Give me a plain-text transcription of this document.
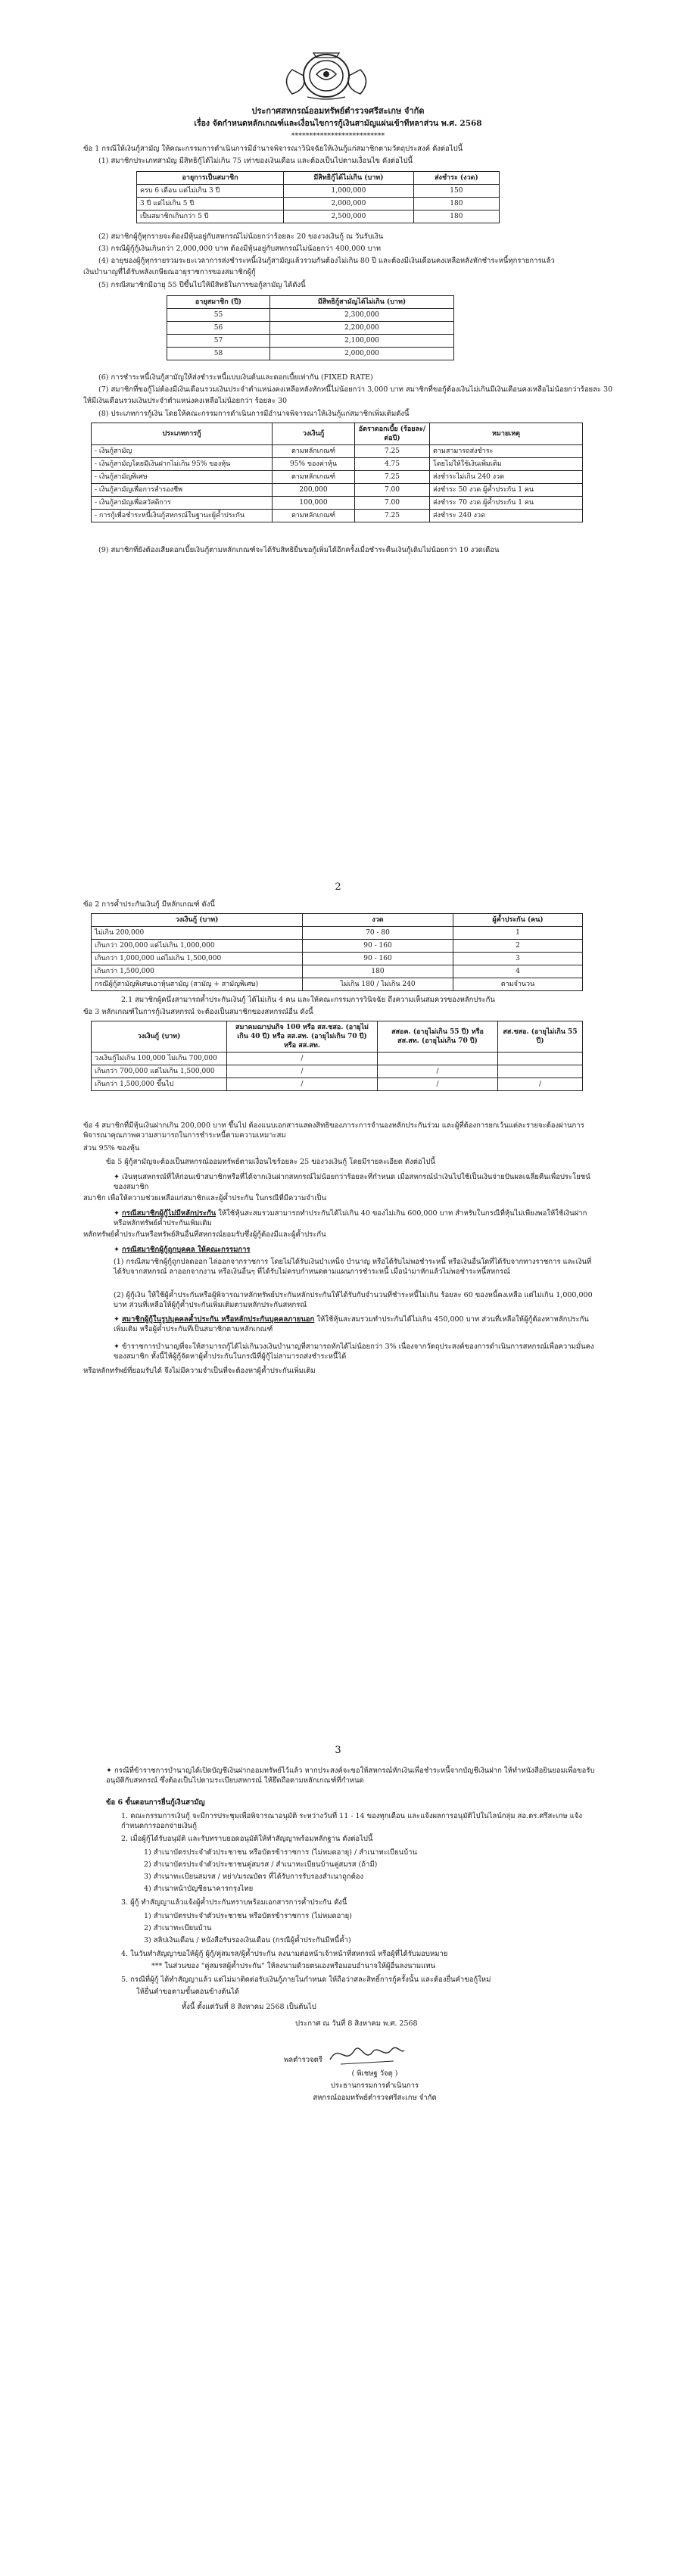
ประกาศสหกรณ์ออมทรัพย์ตำรวจศรีสะเกษ จำกัด
เรื่อง จัดกำหนดหลักเกณฑ์และเงื่อนไขการกู้เงินสามัญแผ่นเข้าทีหลาส่วน พ.ศ. 2568
**************************
ข้อ 1 กรณีให้เงินกู้สามัญ ให้คณะกรรมการดำเนินการมีอำนาจพิจารณาวินิจฉัยให้เงินกู้แก่สมาชิกตามวัตถุประสงค์ ดังต่อไปนี้
(1) สมาชิกประเภทสามัญ มีสิทธิกู้ได้ไม่เกิน 75 เท่าของเงินเดือน และต้องเป็นไปตามเงื่อนไข ดังต่อไปนี้
อายุการเป็นสมาชิก	มีสิทธิกู้ได้ไม่เกิน (บาท)	ส่งชำระ (งวด)
ครบ 6 เดือน แต่ไม่เกิน 3 ปี	1,000,000	150
3 ปี แต่ไม่เกิน 5 ปี	2,000,000	180
เป็นสมาชิกเกินกว่า 5 ปี	2,500,000	180
(2) สมาชิกผู้กู้ทุกรายจะต้องมีหุ้นอยู่กับสหกรณ์ไม่น้อยกว่าร้อยละ 20 ของวงเงินกู้ ณ วันรับเงิน
(3) กรณีผู้กู้กู้เงินเกินกว่า 2,000,000 บาท ต้องมีหุ้นอยู่กับสหกรณ์ไม่น้อยกว่า 400,000 บาท
(4) อายุของผู้กู้ทุกรายรวมระยะเวลาการส่งชำระหนี้เงินกู้สามัญแล้วรวมกันต้องไม่เกิน 80 ปี และต้องมีเงินเดือนคงเหลือหลังหักชำระหนี้ทุกรายการแล้ว
เงินบำนาญที่ได้รับหลังเกษียณอายุราชการของสมาชิกผู้กู้
(5) กรณีสมาชิกมีอายุ 55 ปีขึ้นไปให้มีสิทธิในการขอกู้สามัญ ได้ดังนี้
อายุสมาชิก (ปี)	มีสิทธิกู้สามัญได้ไม่เกิน (บาท)
55	2,300,000
56	2,200,000
57	2,100,000
58	2,000,000
(6) การชำระหนี้เงินกู้สามัญให้ส่งชำระหนี้แบบเงินต้นและดอกเบี้ยเท่ากัน (FIXED RATE)
(7) สมาชิกที่ขอกู้ไม่ต้องมีเงินเดือนรวมเงินประจำตำแหน่งคงเหลือหลังหักหนี้ไม่น้อยกว่า 3,000 บาท สมาชิกที่ขอกู้ต้องเงินไม่เกินมีเงินเดือนคงเหลือไม่น้อยกว่าร้อยละ 30
ให้มีเงินเดือนรวมเงินประจำตำแหน่งคงเหลือไม่น้อยกว่า ร้อยละ 30
(8) ประเภทการกู้เงิน โดยให้คณะกรรมการดำเนินการมีอำนาจพิจารณาให้เงินกู้แก่สมาชิกเพิ่มเติมดังนี้
ประเภทการกู้	วงเงินกู้	อัตราดอกเบี้ย (ร้อยละ/ต่อปี)	หมายเหตุ
- เงินกู้สามัญ	ตามหลักเกณฑ์	7.25	ตามสามารถส่งชำระ
- เงินกู้สามัญโดยมีเงินฝากไม่เกิน 95% ของหุ้น	95% ของค่าหุ้น	4.75	โดยไม่ให้ใช้เงินเพิ่มเติม
- เงินกู้สามัญพิเศษ	ตามหลักเกณฑ์	7.25	ส่งชำระไม่เกิน 240 งวด
- เงินกู้สามัญเพื่อการสำรองชีพ	200,000	7.00	ส่งชำระ 50 งวด ผู้ค้ำประกัน 1 คน
- เงินกู้สามัญเพื่อสวัสดิการ	100,000	7.00	ส่งชำระ 70 งวด ผู้ค้ำประกัน 1 คน
- การกู้เพื่อชำระหนี้เงินกู้สหกรณ์ในฐานะผู้ค้ำประกัน	ตามหลักเกณฑ์	7.25	ส่งชำระ 240 งวด
(9) สมาชิกที่ยังต้องเสียดอกเบี้ยเงินกู้ตามหลักเกณฑ์จะได้รับสิทธิยื่นขอกู้เพิ่มได้อีกครั้งเมื่อชำระคืนเงินกู้เดิมไม่น้อยกว่า 10 งวดเดือน
2
ข้อ 2 การค้ำประกันเงินกู้ มีหลักเกณฑ์ ดังนี้
วงเงินกู้ (บาท)	งวด	ผู้ค้ำประกัน (คน)
ไม่เกิน 200,000	70 - 80	1
เกินกว่า 200,000 แต่ไม่เกิน 1,000,000	90 - 160	2
เกินกว่า 1,000,000 แต่ไม่เกิน 1,500,000	90 - 160	3
เกินกว่า 1,500,000	180	4
กรณีผู้กู้สามัญพิเศษเอาหุ้นสามัญ (สามัญ + สามัญพิเศษ)	ไม่เกิน 180 / ไม่เกิน 240	ตามจำนวน
2.1 สมาชิกผู้คนึ่งสามารถค้ำประกันเงินกู้ ได้ไม่เกิน 4 คน และให้คณะกรรมการวินิจฉัย ถึงความเห็นสมควรของหลักประกัน
ข้อ 3 หลักเกณฑ์ในการกู้เงินสหกรณ์ จะต้องเป็นสมาชิกของสหกรณ์อื่น ดังนี้
วงเงินกู้ (บาท)	สมาคมฌาปนกิจ 100 หรือ สส.ชสอ. (อายุไม่เกิน 40 ปี) หรือ สส.สท. (อายุไม่เกิน 70 ปี) หรือ สส.สท.	สสอค. (อายุไม่เกิน 55 ปี) หรือ สส.สท. (อายุไม่เกิน 70 ปี)	สส.ชสอ. (อายุไม่เกิน 55 ปี)
วงเงินกู้ไม่เกิน 100,000 ไม่เกิน 700,000	/		
เกินกว่า 700,000 แต่ไม่เกิน 1,500,000	/	/	
เกินกว่า 1,500,000 ขึ้นไป	/	/	/
ข้อ 4 สมาชิกที่มีหุ้นเงินฝากเกิน 200,000 บาท ขึ้นไป ต้องแนบเอกสารแสดงสิทธิของภาระการจำนองหลักประกันร่วม และผู้ที่ต้องการยกเว้นแต่ละรายจะต้องผ่านการพิจารณาคุณภาพความสามารถในการชำระหนี้ตามความเหมาะสม
ส่วน 95% ของหุ้น
ข้อ 5 ผู้กู้สามัญจะต้องเป็นสหกรณ์ออมทรัพย์ตามเงื่อนไขร้อยละ 25 ของวงเงินกู้ โดยมีรายละเอียด ดังต่อไปนี้
✦ เงินทุนสหกรณ์ที่ให้ก่อนเข้าสมาชิกหรือที่ได้จากเงินฝากสหกรณ์ไม่น้อยกว่าร้อยละที่กำหนด เมื่อสหกรณ์นำเงินไปใช้เป็นเงินจ่ายปันผลเฉลี่ยคืนเพื่อประโยชน์ของสมาชิก
สมาชิก เพื่อให้ความช่วยเหลือแก่สมาชิกและผู้ค้ำประกัน ในกรณีที่มีความจำเป็น
✦ กรณีสมาชิกผู้กู้ไม่มีหลักประกัน ให้ใช้หุ้นสะสมรวมสามารถทำประกันได้ไม่เกิน 40 ของไม่เกิน 600,000 บาท สำหรับในกรณีที่หุ้นไม่เพียงพอให้ใช้เงินฝากหรือหลักทรัพย์ค้ำประกันเพิ่มเติม
หลักทรัพย์ค้ำประกันหรือทรัพย์สินอื่นที่สหกรณ์ยอมรับซึ่งผู้กู้ต้องมีและผู้ค้ำประกัน
✦ กรณีสมาชิกผู้กู้ถูกบุคคล ให้คณะกรรมการ
(1) กรณีสมาชิกผู้กู้ถูกปลดออก ไล่ออกจากราชการ โดยไม่ได้รับเงินบำเหน็จ บำนาญ หรือได้รับไม่พอชำระหนี้ หรือเงินอื่นใดที่ได้รับจากทางราชการ และเงินที่ได้รับจากสหกรณ์ ลาออกจากงาน หรือเงินอื่นๆ ที่ได้รับไม่ครบกำหนดตามแผนการชำระหนี้ เมื่อนำมาหักแล้วไม่พอชำระหนี้สหกรณ์
(2) ผู้กู้เงิน ให้ใช้ผู้ค้ำประกันหรือผู้พิจารณาหลักทรัพย์ประกันหลักประกันให้ได้รับกับจำนวนที่ชำระหนี้ไม่เกิน ร้อยละ 60 ของหนี้คงเหลือ แต่ไม่เกิน 1,000,000 บาท ส่วนที่เหลือให้ผู้กู้ค้ำประกันเพิ่มเติมตามหลักประกันสหกรณ์
✦ สมาชิกผู้กู้ในรูปบุคคลค้ำประกัน หรือหลักประกันบุคคลภายนอก ให้ใช้หุ้นสะสมรวมทำประกันได้ไม่เกิน 450,000 บาท ส่วนที่เหลือให้ผู้กู้ต้องหาหลักประกันเพิ่มเติม หรือผู้ค้ำประกันที่เป็นสมาชิกตามหลักเกณฑ์
✦ ข้าราชการบำนาญที่จะให้สามารถกู้ได้ไม่เกินวงเงินบำนาญที่สามารถหักได้ไม่น้อยกว่า 3% เนื่องจากวัตถุประสงค์ของการดำเนินการสหกรณ์เพื่อความมั่นคงของสมาชิก ทั้งนี้ให้ผู้กู้จัดหาผู้ค้ำประกันในกรณีที่ผู้กู้ไม่สามารถส่งชำระหนี้ได้
หรือหลักทรัพย์ที่ยอมรับได้ จึงไม่มีความจำเป็นที่จะต้องหาผู้ค้ำประกันเพิ่มเติม
3
✦ กรณีที่ข้าราชการบำนาญได้เปิดบัญชีเงินฝากออมทรัพย์ไว้แล้ว หากประสงค์จะขอให้สหกรณ์หักเงินเพื่อชำระหนี้จากบัญชีเงินฝาก ให้ทำหนังสือยินยอมเพื่อขอรับอนุมัติกับสหกรณ์ ซึ่งต้องเป็นไปตามระเบียบสหกรณ์ ให้ยึดถือตามหลักเกณฑ์ที่กำหนด
ข้อ 6 ขั้นตอนการยื่นกู้เงินสามัญ
1. คณะกรรมการเงินกู้ จะมีการประชุมเพื่อพิจารณาอนุมัติ ระหว่างวันที่ 11 - 14 ของทุกเดือน และแจ้งผลการอนุมัติไปในไลน์กลุ่ม สอ.ตร.ศรีสะเกษ แจ้งกำหนดการออกจ่ายเงินกู้
2. เมื่อผู้กู้ได้รับอนุมัติ และรับทราบยอดอนุมัติให้ทำสัญญาพร้อมหลักฐาน ดังต่อไปนี้
1) สำเนาบัตรประจำตัวประชาชน หรือบัตรข้าราชการ (ไม่หมดอายุ) / สำเนาทะเบียนบ้าน
2) สำเนาบัตรประจำตัวประชาชนคู่สมรส / สำเนาทะเบียนบ้านคู่สมรส (ถ้ามี)
3) สำเนาทะเบียนสมรส / หย่า/มรณบัตร ที่ได้รับการรับรองสำเนาถูกต้อง
4) สำเนาหน้าบัญชีธนาคารกรุงไทย
3. ผู้กู้ ทำสัญญาแล้วแจ้งผู้ค้ำประกันทราบพร้อมเอกสารการค้ำประกัน ดังนี้
1) สำเนาบัตรประจำตัวประชาชน หรือบัตรข้าราชการ (ไม่หมดอายุ)
2) สำเนาทะเบียนบ้าน
3) สลิปเงินเดือน / หนังสือรับรองเงินเดือน (กรณีผู้ค้ำประกันมีหนี้ค้ำ)
4. ในวันทำสัญญาขอให้ผู้กู้ ผู้กู้/คู่สมรส/ผู้ค้ำประกัน ลงนามต่อหน้าเจ้าหน้าที่สหกรณ์ หรือผู้ที่ได้รับมอบหมาย
*** ในส่วนของ "คู่สมรสผู้ค้ำประกัน" ให้ลงนามด้วยตนเองหรือมอบอำนาจให้ผู้อื่นลงนามแทน
5. กรณีที่ผู้กู้ ได้ทำสัญญาแล้ว แต่ไม่มาติดต่อรับเงินกู้ภายในกำหนด ให้ถือว่าสละสิทธิ์การกู้ครั้งนั้น และต้องยื่นคำขอกู้ใหม่
ให้ยื่นคำขอตามขั้นตอนข้างต้นได้
ทั้งนี้ ตั้งแต่วันที่ 8 สิงหาคม 2568 เป็นต้นไป
ประกาศ ณ วันที่ 8 สิงหาคม พ.ศ. 2568
พลตำรวจตรี
( พิเชษฐ วัจตุ )
ประธานกรรมการดำเนินการ
สหกรณ์ออมทรัพย์ตำรวจศรีสะเกษ จำกัด
